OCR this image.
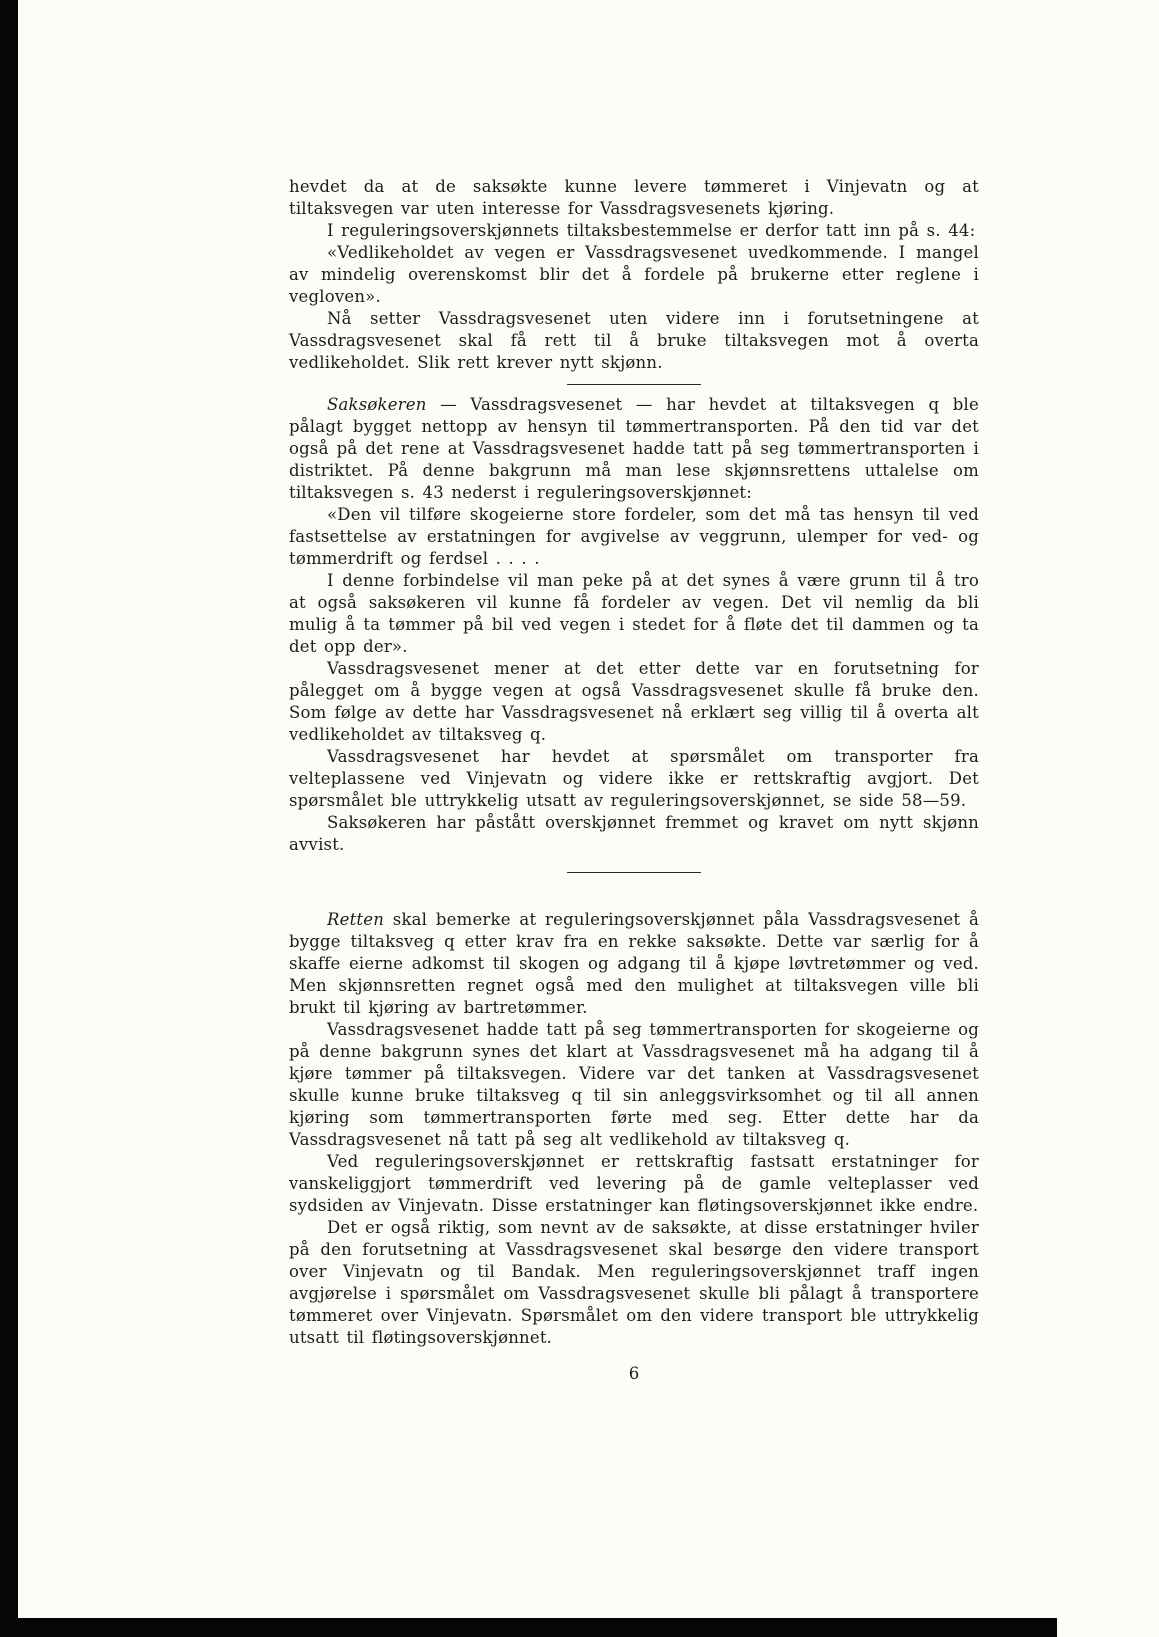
hevdet da at de saksøkte kunne levere tømmeret i Vinjevatn og at tiltaksvegen var uten interesse for Vassdragsvesenets kjøring.

I reguleringsoverskjønnets tiltaksbestemmelse er derfor tatt inn på s. 44:

«Vedlikeholdet av vegen er Vassdragsvesenet uvedkommende. I mangel av mindelig overenskomst blir det å fordele på brukerne etter reglene i vegloven».

Nå setter Vassdragsvesenet uten videre inn i forutsetningene at Vassdragsvesenet skal få rett til å bruke tiltaksvegen mot å overta vedlikeholdet. Slik rett krever nytt skjønn.

Saksøkeren — Vassdragsvesenet — har hevdet at tiltaksvegen q ble pålagt bygget nettopp av hensyn til tømmertransporten. På den tid var det også på det rene at Vassdragsvesenet hadde tatt på seg tømmertransporten i distriktet. På denne bakgrunn må man lese skjønnsrettens uttalelse om tiltaksvegen s. 43 nederst i reguleringsoverskjønnet:

«Den vil tilføre skogeierne store fordeler, som det må tas hensyn til ved fastsettelse av erstatningen for avgivelse av veggrunn, ulemper for ved- og tømmerdrift og ferdsel . . . .

I denne forbindelse vil man peke på at det synes å være grunn til å tro at også saksøkeren vil kunne få fordeler av vegen. Det vil nemlig da bli mulig å ta tømmer på bil ved vegen i stedet for å fløte det til dammen og ta det opp der».

Vassdragsvesenet mener at det etter dette var en forutsetning for pålegget om å bygge vegen at også Vassdragsvesenet skulle få bruke den. Som følge av dette har Vassdragsvesenet nå erklært seg villig til å overta alt vedlikeholdet av tiltaksveg q.

Vassdragsvesenet har hevdet at spørsmålet om transporter fra velteplassene ved Vinjevatn og videre ikke er rettskraftig avgjort. Det spørsmålet ble uttrykkelig utsatt av reguleringsoverskjønnet, se side 58—59.

Saksøkeren har påstått overskjønnet fremmet og kravet om nytt skjønn avvist.

Retten skal bemerke at reguleringsoverskjønnet påla Vassdragsvesenet å bygge tiltaksveg q etter krav fra en rekke saksøkte. Dette var særlig for å skaffe eierne adkomst til skogen og adgang til å kjøpe løvtretømmer og ved. Men skjønnsretten regnet også med den mulighet at tiltaksvegen ville bli brukt til kjøring av bartretømmer.

Vassdragsvesenet hadde tatt på seg tømmertransporten for skogeierne og på denne bakgrunn synes det klart at Vassdragsvesenet må ha adgang til å kjøre tømmer på tiltaksvegen. Videre var det tanken at Vassdragsvesenet skulle kunne bruke tiltaksveg q til sin anleggsvirksomhet og til all annen kjøring som tømmertransporten førte med seg. Etter dette har da Vassdragsvesenet nå tatt på seg alt vedlikehold av tiltaksveg q.

Ved reguleringsoverskjønnet er rettskraftig fastsatt erstatninger for vanskeliggjort tømmerdrift ved levering på de gamle velteplasser ved sydsiden av Vinjevatn. Disse erstatninger kan fløtingsoverskjønnet ikke endre.

Det er også riktig, som nevnt av de saksøkte, at disse erstatninger hviler på den forutsetning at Vassdragsvesenet skal besørge den videre transport over Vinjevatn og til Bandak. Men reguleringsoverskjønnet traff ingen avgjørelse i spørsmålet om Vassdragsvesenet skulle bli pålagt å transportere tømmeret over Vinjevatn. Spørsmålet om den videre transport ble uttrykkelig utsatt til fløtingsoverskjønnet.

6
